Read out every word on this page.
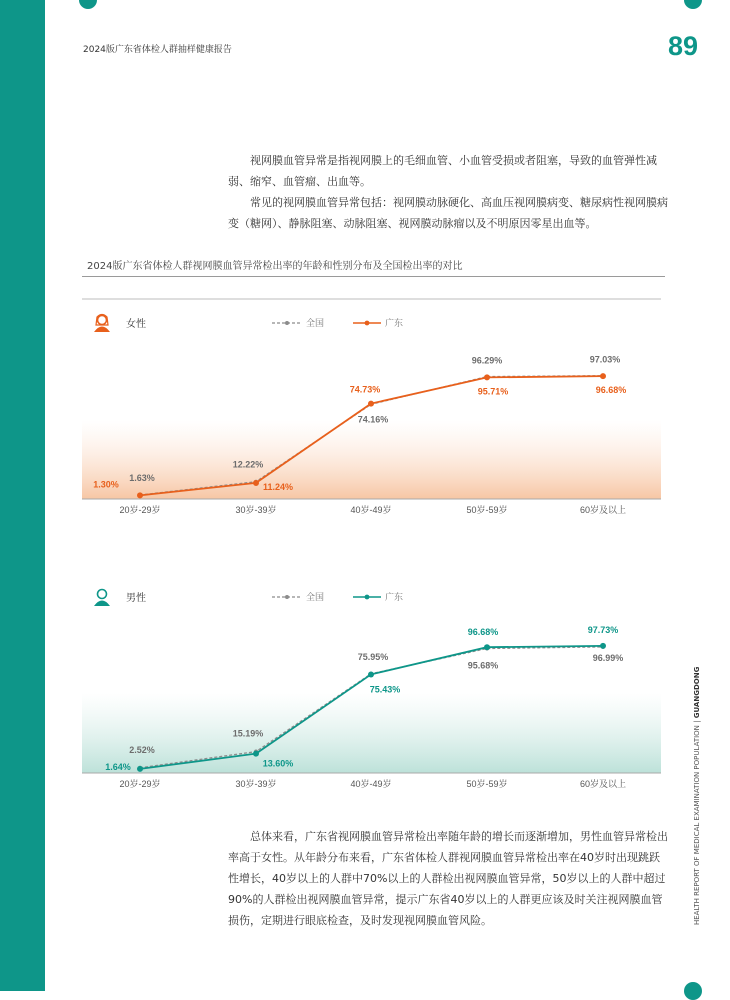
2024版广东省体检人群抽样健康报告	89

视网膜血管异常是指视网膜上的毛细血管、小血管受损或者阻塞，导致的血管弹性减弱、缩窄、血管瘤、出血等。

常见的视网膜血管异常包括：视网膜动脉硬化、高血压视网膜病变、糖尿病性视网膜病变（糖网）、静脉阻塞、动脉阻塞、视网膜动脉瘤以及不明原因零星出血等。

2024版广东省体检人群视网膜血管异常检出率的年龄和性别分布及全国检出率的对比
20岁-29岁	30岁-39岁	40岁-49岁	50岁-59岁	60岁及以上
女性	全国	广东
1.63%
12.22%
74.16%
96.29%	97.03%
1.30%	11.24%
74.73%	95.71%	96.68%
20岁-29岁	30岁-39岁	40岁-49岁	50岁-59岁	60岁及以上
男性	全国	广东
2.52%
15.19%
75.95%
95.68%
96.99%
1.64%	13.60%
75.43%
96.68%	97.73%
总体来看，广东省视网膜血管异常检出率随年龄的增长而逐渐增加，男性血管异常检出率高于女性。从年龄分布来看，广东省体检人群视网膜血管异常检出率在40岁时出现跳跃性增长，40岁以上的人群中70%以上的人群检出视网膜血管异常，50岁以上的人群中超过90%的人群检出视网膜血管异常，提示广东省40岁以上的人群更应该及时关注视网膜血管损伤，定期进行眼底检查，及时发现视网膜血管风险。	HEALTH REPORT OF MEDICAL EXAMINATION POPULATION | GUANGDONG
